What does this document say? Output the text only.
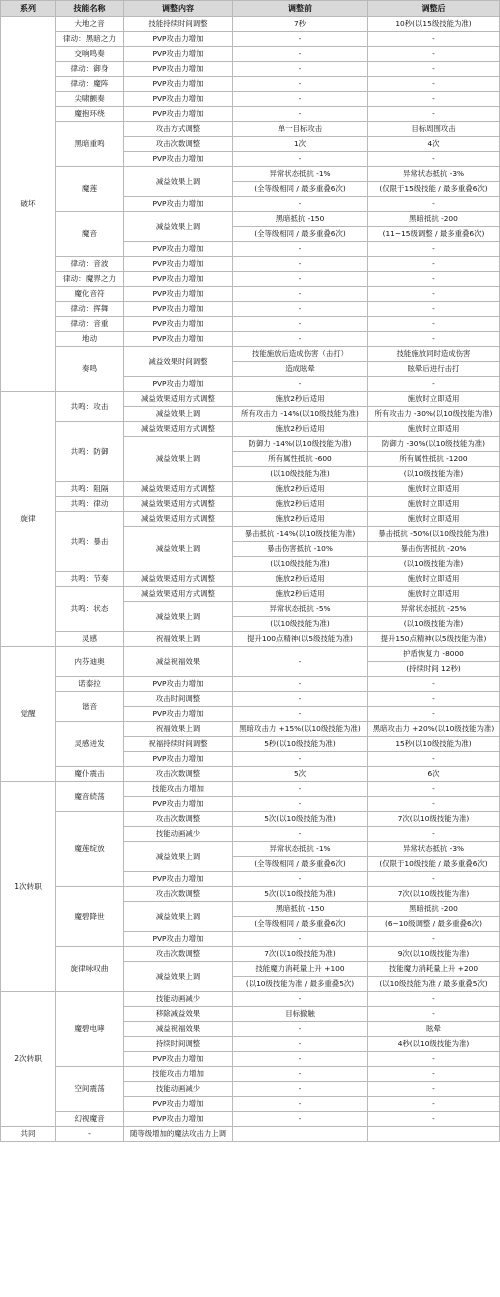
系列	技能名称	调整内容	调整前	调整后
破坏	大地之音	技能持续时间调整	7秒	10秒(以15级技能为准)
	律动：黑暗之力	PVP攻击力增加	-	-
	交响鸣奏	PVP攻击力增加	-	-
	律动：御身	PVP攻击力增加	-	-
	律动：魔阵	PVP攻击力增加	-	-
	尖啸颤奏	PVP攻击力增加	-	-
	魔抱环绕	PVP攻击力增加	-	-
	黑暗重鸣	攻击方式调整	单一目标攻击	目标周围攻击
		攻击次数调整	1次	4次
		PVP攻击力增加	-	-
	魔莲	减益效果上调	异常状态抵抗 -1%	异常状态抵抗 -3%
			(全等级相同 / 最多重叠6次)	(仅限于15级技能 / 最多重叠6次)
		PVP攻击力增加	-	-
	魔音	减益效果上调	黑暗抵抗 -150	黑暗抵抗 -200
			(全等级相同 / 最多重叠6次)	(11~15级调整 / 最多重叠6次)
		PVP攻击力增加	-	-
	律动：音波	PVP攻击力增加	-	-
	律动：魔界之力	PVP攻击力增加	-	-
	魔化音符	PVP攻击力增加	-	-
	律动：挥舞	PVP攻击力增加	-	-
	律动：音重	PVP攻击力增加	-	-
	地动	PVP攻击力增加	-	-
	奏鸣	减益效果时间调整	技能施放后造成伤害（击打）	技能施放同时造成伤害
			造成眩晕	眩晕后进行击打
		PVP攻击力增加	-	-
旋律	共鸣：攻击	减益效果适用方式调整	施放2秒后适用	施放时立即适用
		减益效果上调	所有攻击力 -14%(以10级技能为准)	所有攻击力 -30%(以10级技能为准)
	共鸣：防御	减益效果适用方式调整	施放2秒后适用	施放时立即适用
		减益效果上调	防御力 -14%(以10级技能为准)	防御力 -30%(以10级技能为准)
			所有属性抵抗 -600	所有属性抵抗 -1200
			(以10级技能为准)	(以10级技能为准)
	共鸣：阻隔	减益效果适用方式调整	施放2秒后适用	施放时立即适用
	共鸣：律动	减益效果适用方式调整	施放2秒后适用	施放时立即适用
	共鸣：暴击	减益效果适用方式调整	施放2秒后适用	施放时立即适用
		减益效果上调	暴击抵抗 -14%(以10级技能为准)	暴击抵抗 -50%(以10级技能为准)
			暴击伤害抵抗 -10%	暴击伤害抵抗 -20%
			(以10级技能为准)	(以10级技能为准)
	共鸣：节奏	减益效果适用方式调整	施放2秒后适用	施放时立即适用
	共鸣：状态	减益效果适用方式调整	施放2秒后适用	施放时立即适用
		减益效果上调	异常状态抵抗 -5%	异常状态抵抗 -25%
			(以10级技能为准)	(以10级技能为准)
	灵感	祝福效果上调	提升100点精神(以5级技能为准)	提升150点精神(以5级技能为准)
觉醒	内芬迪奥	减益祝福效果	-	护盾恢复力 -8000
				(持续时间 12秒)
	诺泰拉	PVP攻击力增加	-	-
	谐音	攻击时间调整	-	-
		PVP攻击力增加	-	-
	灵感迸发	祝福效果上调	黑暗攻击力 +15%(以10级技能为准)	黑暗攻击力 +20%(以10级技能为准)
		祝福持续时间调整	5秒(以10级技能为准)	15秒(以10级技能为准)
		PVP攻击力增加	-	-
	魔仆震击	攻击次数调整	5次	6次
1次转职	魔音続荡	技能攻击力增加	-	-
		PVP攻击力增加	-	-
	魔莲绽放	攻击次数调整	5次(以10级技能为准)	7次(以10级技能为准)
		技能动画减少	-	-
		减益效果上调	异常状态抵抗 -1%	异常状态抵抗 -3%
			(全等级相同 / 最多重叠6次)	(仅限于10级技能 / 最多重叠6次)
		PVP攻击力增加	-	-
	魔碧降世	攻击次数调整	5次(以10级技能为准)	7次(以10级技能为准)
		减益效果上调	黑暗抵抗 -150	黑暗抵抗 -200
			(全等级相同 / 最多重叠6次)	(6~10级调整 / 最多重叠6次)
		PVP攻击力增加	-	-
	旋律咏叹曲	攻击次数调整	7次(以10级技能为准)	9次(以10级技能为准)
		减益效果上调	技能魔力消耗量上升 +100	技能魔力消耗量上升 +200
			(以10级技能为准 / 最多重叠5次)	(以10级技能为准 / 最多重叠5次)
2次转职	魔碧电哮	技能动画减少	-	-
		移除减益效果	目标撤触	-
		减益祝福效果	-	眩晕
		持续时间调整	-	4秒(以10级技能为准)
		PVP攻击力增加	-	-
	空间震荡	技能攻击力增加	-	-
		技能动画减少	-	-
		PVP攻击力增加	-	-
	幻视魔音	PVP攻击力增加	-	-
共同	-	随等级增加的魔法攻击力上调		
